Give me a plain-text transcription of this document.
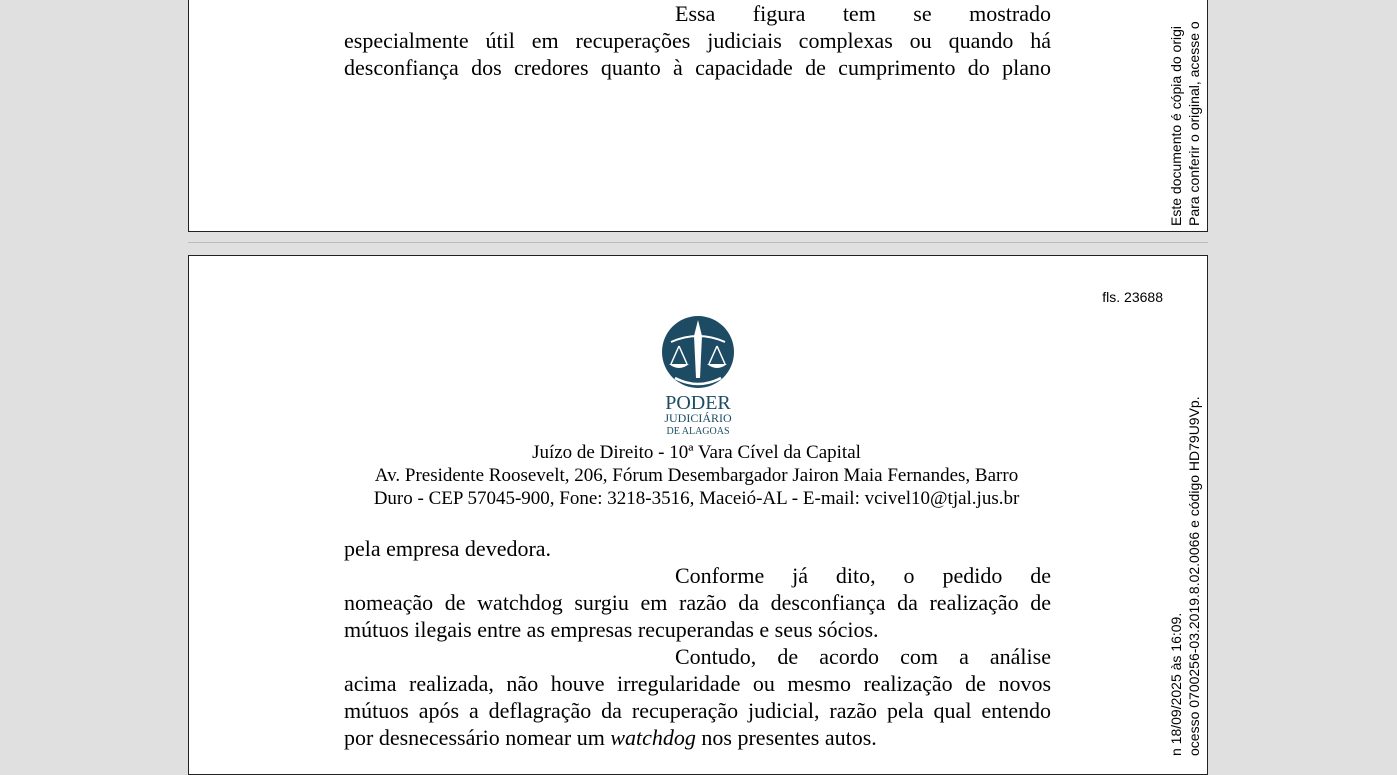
Essa figura tem se mostrado
especialmente útil em recuperações judiciais complexas ou quando há
desconfiança dos credores quanto à capacidade de cumprimento do plano	Este documento é cópia do origi Para conferir o original, acesse o
fls. 23688
PODER
JUDICIÁRIO
DE ALAGOAS
Juízo de Direito - 10ª Vara Cível da Capital
Av. Presidente Roosevelt, 206, Fórum Desembargador Jairon Maia Fernandes, Barro
Duro - CEP 57045-900, Fone: 3218-3516, Maceió-AL - E-mail: vcivel10@tjal.jus.br
pela empresa devedora.
Conforme já dito, o pedido de
nomeação de watchdog surgiu em razão da desconfiança da realização de
mútuos ilegais entre as empresas recuperandas e seus sócios.
Contudo, de acordo com a análise
acima realizada, não houve irregularidade ou mesmo realização de novos
mútuos após a deflagração da recuperação judicial, razão pela qual entendo
por desnecessário nomear um watchdog nos presentes autos.	n 18/09/2025 às 16:09. ocesso 0700256-03.2019.8.02.0066 e código HD79U9Vp.
